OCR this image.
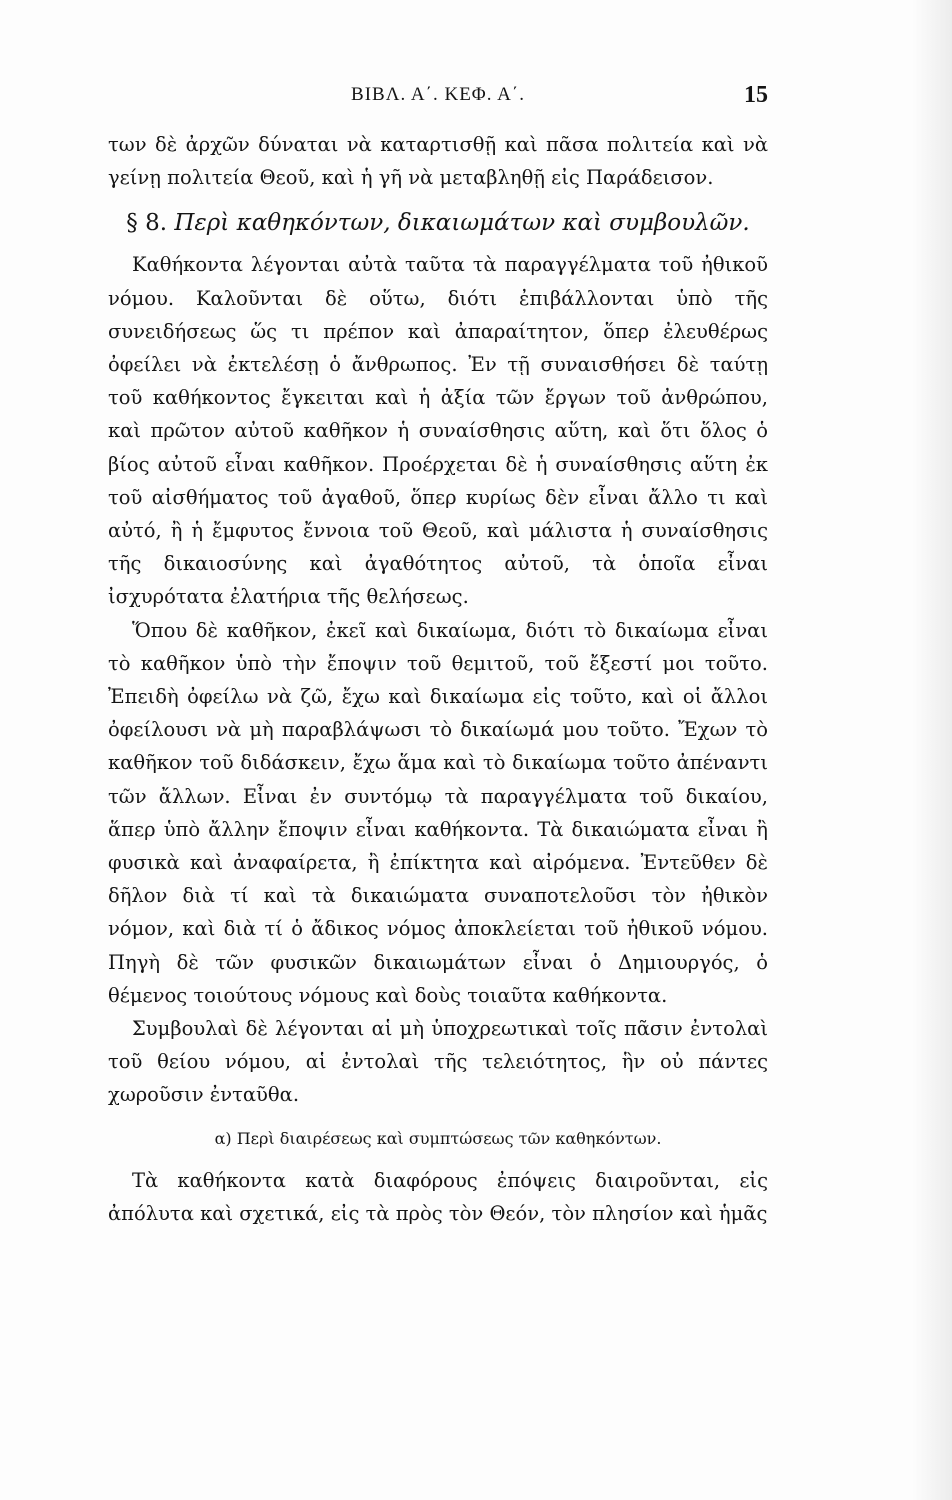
ΒΙΒΛ. Α΄. ΚΕΦ. Α΄.	15

των δὲ ἀρχῶν δύναται νὰ καταρτισθῇ καὶ πᾶσα πολιτεία καὶ νὰ γείνῃ πολιτεία Θεοῦ, καὶ ἡ γῆ νὰ μεταβληθῇ εἰς Παράδεισον.

§ 8. Περὶ καθηκόντων, δικαιωμάτων καὶ συμβουλῶν.

Καθήκοντα λέγονται αὐτὰ ταῦτα τὰ παραγγέλματα τοῦ ἠθικοῦ νόμου. Καλοῦνται δὲ οὕτω, διότι ἐπιβάλλονται ὑπὸ τῆς συνειδήσεως ὥς τι πρέπον καὶ ἀπαραίτητον, ὅπερ ἐλευθέρως ὀφείλει νὰ ἐκτελέσῃ ὁ ἄνθρωπος. Ἐν τῇ συναισθήσει δὲ ταύτῃ τοῦ καθήκοντος ἔγκειται καὶ ἡ ἀξία τῶν ἔργων τοῦ ἀνθρώπου, καὶ πρῶτον αὐτοῦ καθῆκον ἡ συναίσθησις αὕτη, καὶ ὅτι ὅλος ὁ βίος αὐτοῦ εἶναι καθῆκον. Προέρχεται δὲ ἡ συναίσθησις αὕτη ἐκ τοῦ αἰσθήματος τοῦ ἀγαθοῦ, ὅπερ κυρίως δὲν εἶναι ἄλλο τι καὶ αὐτό, ἢ ἡ ἔμφυτος ἔννοια τοῦ Θεοῦ, καὶ μάλιστα ἡ συναίσθησις τῆς δικαιοσύνης καὶ ἀγαθότητος αὐτοῦ, τὰ ὁποῖα εἶναι ἰσχυρότατα ἐλατήρια τῆς θελήσεως.

Ὅπου δὲ καθῆκον, ἐκεῖ καὶ δικαίωμα, διότι τὸ δικαίωμα εἶναι τὸ καθῆκον ὑπὸ τὴν ἔποψιν τοῦ θεμιτοῦ, τοῦ ἔξεστί μοι τοῦτο. Ἐπειδὴ ὀφείλω νὰ ζῶ, ἔχω καὶ δικαίωμα εἰς τοῦτο, καὶ οἱ ἄλλοι ὀφείλουσι νὰ μὴ παραβλάψωσι τὸ δικαίωμά μου τοῦτο. Ἔχων τὸ καθῆκον τοῦ διδάσκειν, ἔχω ἅμα καὶ τὸ δικαίωμα τοῦτο ἀπέναντι τῶν ἄλλων. Εἶναι ἐν συντόμῳ τὰ παραγγέλματα τοῦ δικαίου, ἅπερ ὑπὸ ἄλλην ἔποψιν εἶναι καθήκοντα. Τὰ δικαιώματα εἶναι ἢ φυσικὰ καὶ ἀναφαίρετα, ἢ ἐπίκτητα καὶ αἰρόμενα. Ἐντεῦθεν δὲ δῆλον διὰ τί καὶ τὰ δικαιώματα συναποτελοῦσι τὸν ἠθικὸν νόμον, καὶ διὰ τί ὁ ἄδικος νόμος ἀποκλείεται τοῦ ἠθικοῦ νόμου. Πηγὴ δὲ τῶν φυσικῶν δικαιωμάτων εἶναι ὁ Δημιουργός, ὁ θέμενος τοιούτους νόμους καὶ δοὺς τοιαῦτα καθήκοντα.

Συμβουλαὶ δὲ λέγονται αἱ μὴ ὑποχρεωτικαὶ τοῖς πᾶσιν ἐντολαὶ τοῦ θείου νόμου, αἱ ἐντολαὶ τῆς τελειότητος, ἣν οὐ πάντες χωροῦσιν ἐνταῦθα.

α) Περὶ διαιρέσεως καὶ συμπτώσεως τῶν καθηκόντων.

Τὰ καθήκοντα κατὰ διαφόρους ἐπόψεις διαιροῦνται, εἰς ἀπόλυτα καὶ σχετικά, εἰς τὰ πρὸς τὸν Θεόν, τὸν πλησίον καὶ ἡμᾶς
